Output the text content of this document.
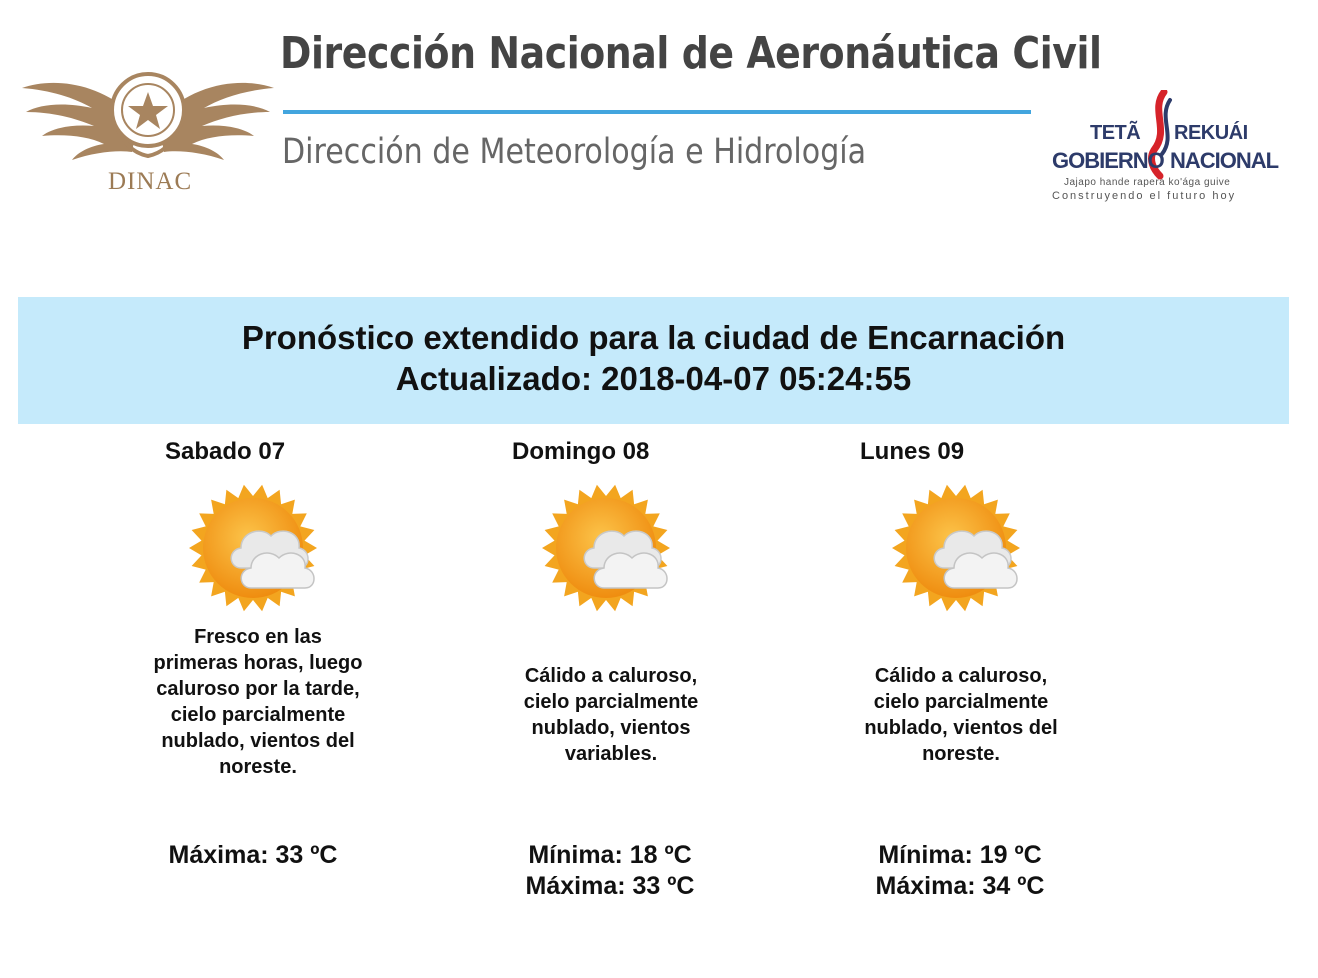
DINAC
Dirección Nacional de Aeronáutica Civil
Dirección de Meteorología e Hidrología	TETÃ REKUÁI
GOBIERNO NACIONAL
Jajapo hande rapera ko'ága guive
Construyendo el futuro hoy
Pronóstico extendido para la ciudad de Encarnación
Actualizado: 2018-04-07 05:24:55
Sabado 07
Fresco en las primeras horas, luego caluroso por la tarde, cielo parcialmente nublado, vientos del noreste.
Máxima: 33 ºC
Domingo 08
Cálido a caluroso, cielo parcialmente nublado, vientos variables.
Mínima: 18 ºC
Máxima: 33 ºC
Lunes 09
Cálido a caluroso, cielo parcialmente nublado, vientos del noreste.
Mínima: 19 ºC
Máxima: 34 ºC
